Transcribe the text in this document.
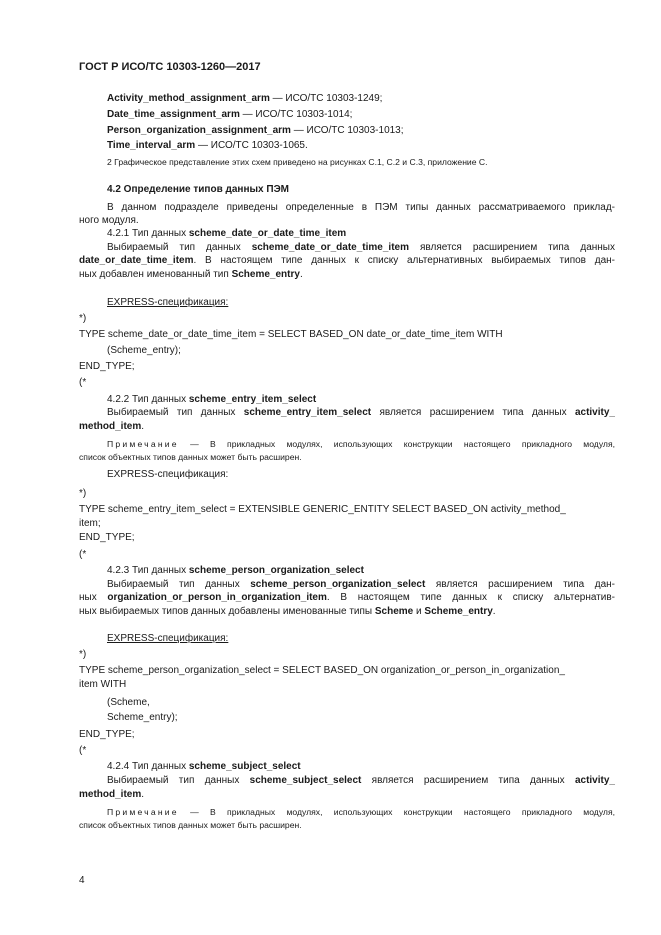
ГОСТ Р ИСО/ТС 10303-1260—2017
Activity_method_assignment_arm — ИСО/ТС 10303-1249;
Date_time_assignment_arm — ИСО/ТС 10303-1014;
Person_organization_assignment_arm — ИСО/ТС 10303-1013;
Time_interval_arm — ИСО/ТС 10303-1065.
2 Графическое представление этих схем приведено на рисунках С.1, С.2 и С.3, приложение С.
4.2 Определение типов данных ПЭМ
В данном подразделе приведены определенные в ПЭМ типы данных рассматриваемого приклад-
ного модуля.
4.2.1 Тип данных scheme_date_or_date_time_item
Выбираемый тип данных scheme_date_or_date_time_item является расширением типа данных
date_or_date_time_item. В настоящем типе данных к списку альтернативных выбираемых типов дан-
ных добавлен именованный тип Scheme_entry.
EXPRESS-спецификация:
*)
TYPE scheme_date_or_date_time_item = SELECT BASED_ON date_or_date_time_item WITH
(Scheme_entry);
END_TYPE;
(*
4.2.2 Тип данных scheme_entry_item_select
Выбираемый тип данных scheme_entry_item_select является расширением типа данных activity_
method_item.
Примечание — В прикладных модулях, использующих конструкции настоящего прикладного модуля,
список объектных типов данных может быть расширен.
EXPRESS-спецификация:
*)
TYPE scheme_entry_item_select = EXTENSIBLE GENERIC_ENTITY SELECT BASED_ON activity_method_
item;
END_TYPE;
(*
4.2.3 Тип данных scheme_person_organization_select
Выбираемый тип данных scheme_person_organization_select является расширением типа дан-
ных organization_or_person_in_organization_item. В настоящем типе данных к списку альтернатив-
ных выбираемых типов данных добавлены именованные типы Scheme и Scheme_entry.
EXPRESS-спецификация:
*)
TYPE scheme_person_organization_select = SELECT BASED_ON organization_or_person_in_organization_
item WITH
(Scheme,
Scheme_entry);
END_TYPE;
(*
4.2.4 Тип данных scheme_subject_select
Выбираемый тип данных scheme_subject_select является расширением типа данных activity_
method_item.
Примечание — В прикладных модулях, использующих конструкции настоящего прикладного модуля,
список объектных типов данных может быть расширен.
4
